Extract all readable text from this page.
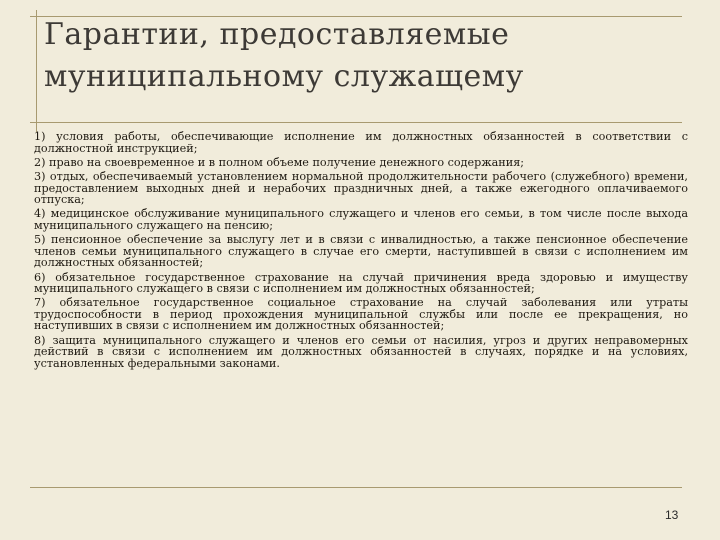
Гарантии, предоставляемые
муниципальному служащему

1) условия работы, обеспечивающие исполнение им должностных обязанностей в соответствии с должностной инструкцией;

2) право на своевременное и в полном объеме получение денежного содержания;

3) отдых, обеспечиваемый установлением нормальной продолжительности рабочего (служебного) времени, предоставлением выходных дней и нерабочих праздничных дней, а также ежегодного оплачиваемого отпуска;

4) медицинское обслуживание муниципального служащего и членов его семьи, в том числе после выхода муниципального служащего на пенсию;

5) пенсионное обеспечение за выслугу лет и в связи с инвалидностью, а также пенсионное обеспечение членов семьи муниципального служащего в случае его смерти, наступившей в связи с исполнением им должностных обязанностей;

6) обязательное государственное страхование на случай причинения вреда здоровью и имуществу муниципального служащего в связи с исполнением им должностных обязанностей;

7) обязательное государственное социальное страхование на случай заболевания или утраты трудоспособности в период прохождения муниципальной службы или после ее прекращения, но наступивших в связи с исполнением им должностных обязанностей;

8) защита муниципального служащего и членов его семьи от насилия, угроз и других неправомерных действий в связи с исполнением им должностных обязанностей в случаях, порядке и на условиях, установленных федеральными законами.

13
